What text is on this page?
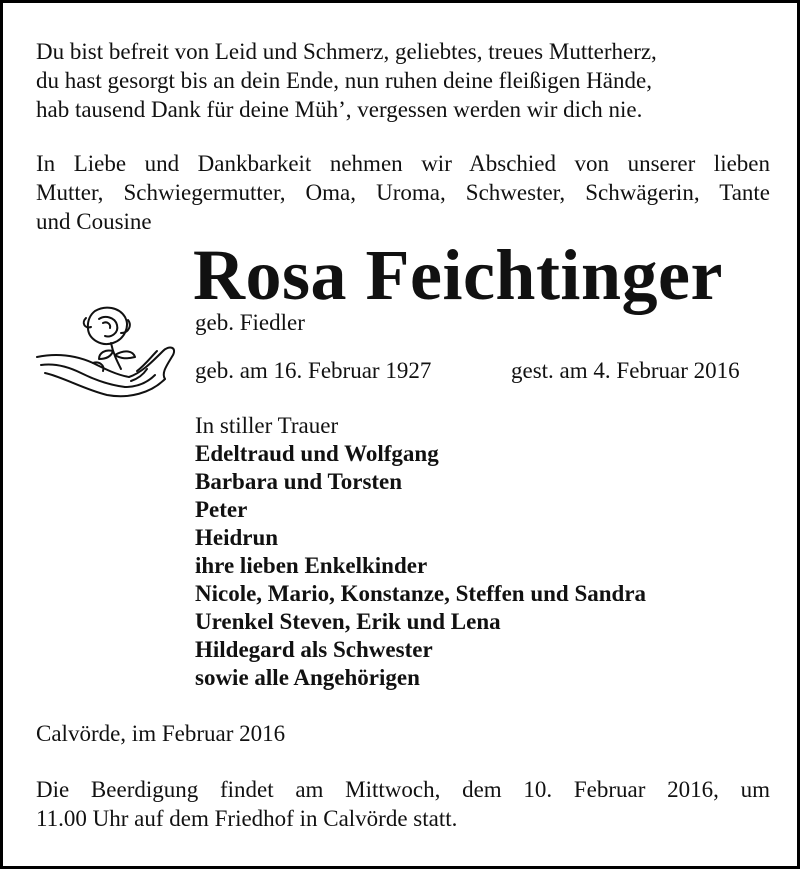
Du bist befreit von Leid und Schmerz, geliebtes, treues Mutterherz,
du hast gesorgt bis an dein Ende, nun ruhen deine fleißigen Hände,
hab tausend Dank für deine Müh’, vergessen werden wir dich nie.
In Liebe und Dankbarkeit nehmen wir Abschied von unserer lieben
Mutter, Schwiegermutter, Oma, Uroma, Schwester, Schwägerin, Tante
und Cousine
Rosa Feichtinger
geb. Fiedler
geb. am 16. Februar 1927	gest. am 4. Februar 2016
In stiller Trauer
Edeltraud und Wolfgang
Barbara und Torsten
Peter
Heidrun
ihre lieben Enkelkinder
Nicole, Mario, Konstanze, Steffen und Sandra
Urenkel Steven, Erik und Lena
Hildegard als Schwester
sowie alle Angehörigen
Calvörde, im Februar 2016
Die Beerdigung findet am Mittwoch, dem 10. Februar 2016, um
11.00 Uhr auf dem Friedhof in Calvörde statt.
